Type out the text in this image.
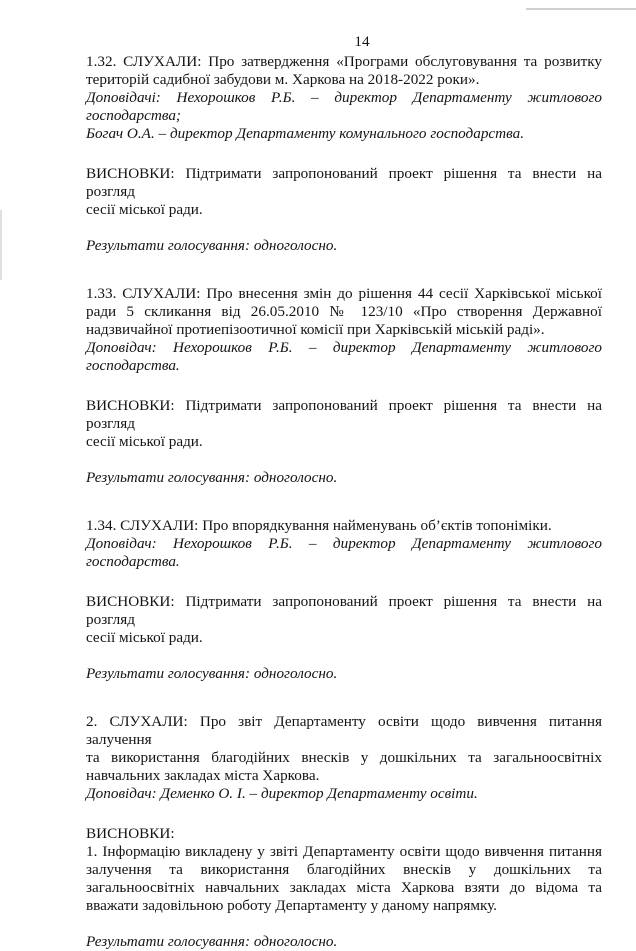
14
1.32. СЛУХАЛИ: Про затвердження «Програми обслуговування та розвитку
територій садибної забудови м. Харкова на 2018-2022 роки».
Доповідачі: Нехорошков Р.Б. – директор Департаменту житлового
господарства;
Богач О.А. – директор Департаменту комунального господарства.
ВИСНОВКИ: Підтримати запропонований проект рішення та внести на розгляд
сесії міської ради.
Результати голосування: одноголосно.
1.33. СЛУХАЛИ: Про внесення змін до рішення 44 сесії Харківської міської
ради 5 скликання від 26.05.2010 № 123/10 «Про створення Державної
надзвичайної протиепізоотичної комісії при Харківській міській раді».
Доповідач: Нехорошков Р.Б. – директор Департаменту житлового
господарства.
ВИСНОВКИ: Підтримати запропонований проект рішення та внести на розгляд
сесії міської ради.
Результати голосування: одноголосно.
1.34. СЛУХАЛИ: Про впорядкування найменувань об’єктів топоніміки.
Доповідач: Нехорошков Р.Б. – директор Департаменту житлового
господарства.
ВИСНОВКИ: Підтримати запропонований проект рішення та внести на розгляд
сесії міської ради.
Результати голосування: одноголосно.
2. СЛУХАЛИ: Про звіт Департаменту освіти щодо вивчення питання залучення
та використання благодійних внесків у дошкільних та загальноосвітніх
навчальних закладах міста Харкова.
Доповідач: Деменко О. І. – директор Департаменту освіти.
ВИСНОВКИ:
1. Інформацію викладену у звіті Департаменту освіти щодо вивчення питання
залучення та використання благодійних внесків у дошкільних та
загальноосвітніх навчальних закладах міста Харкова взяти до відома та
вважати задовільною роботу Департаменту у даному напрямку.
Результати голосування: одноголосно.
